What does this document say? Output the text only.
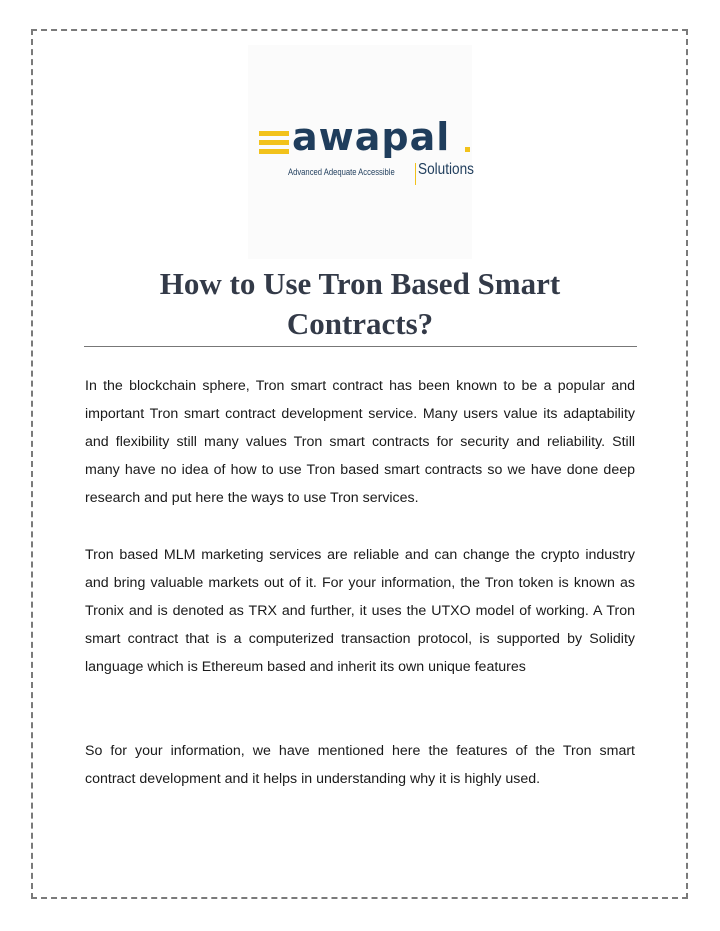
awapal
Advanced Adequate Accessible Solutions
How to Use Tron Based Smart Contracts?

In the blockchain sphere, Tron smart contract has been known to be a popular and important Tron smart contract development service. Many users value its adaptability and flexibility still many values Tron smart contracts for security and reliability. Still many have no idea of how to use Tron based smart contracts so we have done deep research and put here the ways to use Tron services.

Tron based MLM marketing services are reliable and can change the crypto industry and bring valuable markets out of it. For your information, the Tron token is known as Tronix and is denoted as TRX and further, it uses the UTXO model of working. A Tron smart contract that is a computerized transaction protocol, is supported by Solidity language which is Ethereum based and inherit its own unique features

So for your information, we have mentioned here the features of the Tron smart contract development and it helps in understanding why it is highly used.
